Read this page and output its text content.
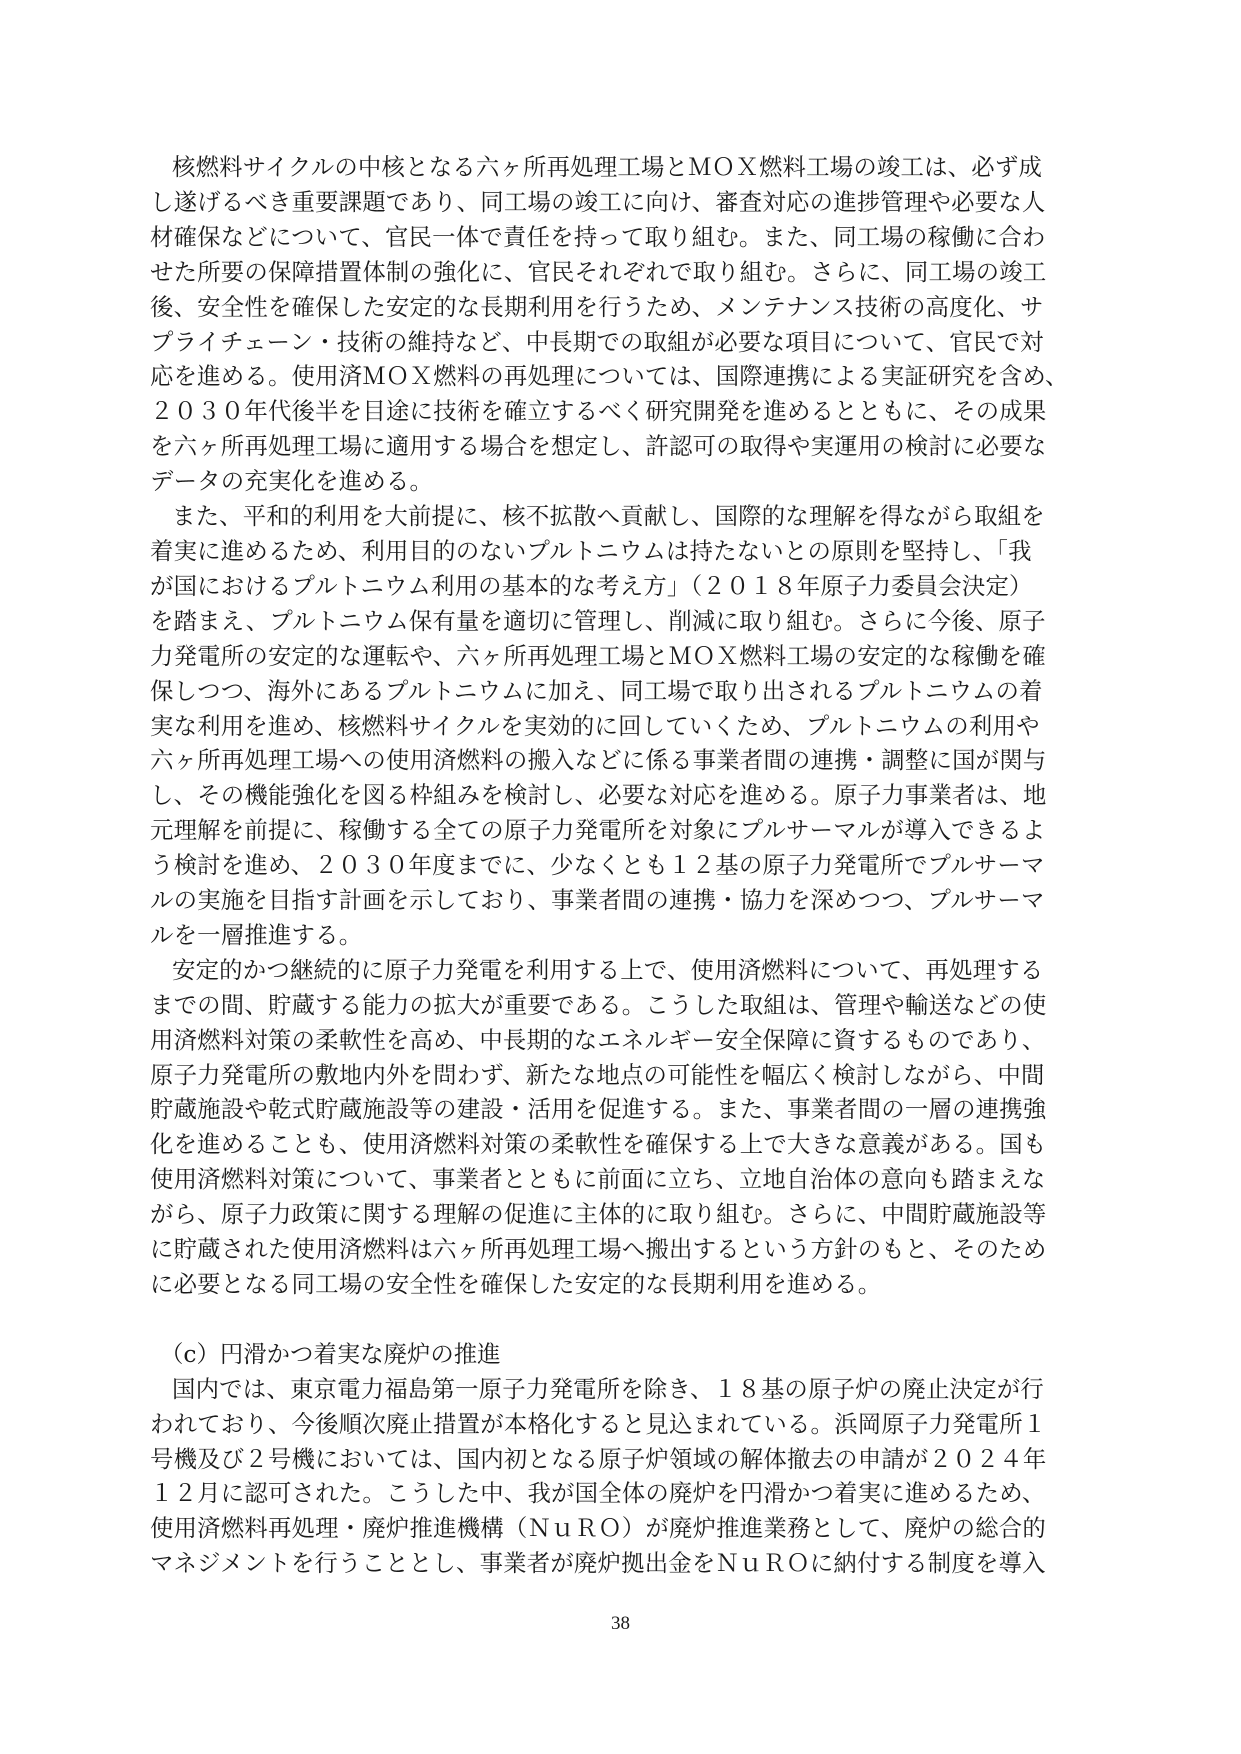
核燃料サイクルの中核となる六ヶ所再処理工場とＭＯＸ燃料工場の竣工は、必ず成
し遂げるべき重要課題であり、同工場の竣工に向け、審査対応の進捗管理や必要な人
材確保などについて、官民一体で責任を持って取り組む。また、同工場の稼働に合わ
せた所要の保障措置体制の強化に、官民それぞれで取り組む。さらに、同工場の竣工
後、安全性を確保した安定的な長期利用を行うため、メンテナンス技術の高度化、サ
プライチェーン・技術の維持など、中長期での取組が必要な項目について、官民で対
応を進める。使用済ＭＯＸ燃料の再処理については、国際連携による実証研究を含め、
２０３０年代後半を目途に技術を確立するべく研究開発を進めるとともに、その成果
を六ヶ所再処理工場に適用する場合を想定し、許認可の取得や実運用の検討に必要な
データの充実化を進める。

また、平和的利用を大前提に、核不拡散へ貢献し、国際的な理解を得ながら取組を
着実に進めるため、利用目的のないプルトニウムは持たないとの原則を堅持し、「我
が国におけるプルトニウム利用の基本的な考え方」（２０１８年原子力委員会決定）
を踏まえ、プルトニウム保有量を適切に管理し、削減に取り組む。さらに今後、原子
力発電所の安定的な運転や、六ヶ所再処理工場とＭＯＸ燃料工場の安定的な稼働を確
保しつつ、海外にあるプルトニウムに加え、同工場で取り出されるプルトニウムの着
実な利用を進め、核燃料サイクルを実効的に回していくため、プルトニウムの利用や
六ヶ所再処理工場への使用済燃料の搬入などに係る事業者間の連携・調整に国が関与
し、その機能強化を図る枠組みを検討し、必要な対応を進める。原子力事業者は、地
元理解を前提に、稼働する全ての原子力発電所を対象にプルサーマルが導入できるよ
う検討を進め、２０３０年度までに、少なくとも１２基の原子力発電所でプルサーマ
ルの実施を目指す計画を示しており、事業者間の連携・協力を深めつつ、プルサーマ
ルを一層推進する。

安定的かつ継続的に原子力発電を利用する上で、使用済燃料について、再処理する
までの間、貯蔵する能力の拡大が重要である。こうした取組は、管理や輸送などの使
用済燃料対策の柔軟性を高め、中長期的なエネルギー安全保障に資するものであり、
原子力発電所の敷地内外を問わず、新たな地点の可能性を幅広く検討しながら、中間
貯蔵施設や乾式貯蔵施設等の建設・活用を促進する。また、事業者間の一層の連携強
化を進めることも、使用済燃料対策の柔軟性を確保する上で大きな意義がある。国も
使用済燃料対策について、事業者とともに前面に立ち、立地自治体の意向も踏まえな
がら、原子力政策に関する理解の促進に主体的に取り組む。さらに、中間貯蔵施設等
に貯蔵された使用済燃料は六ヶ所再処理工場へ搬出するという方針のもと、そのため
に必要となる同工場の安全性を確保した安定的な長期利用を進める。

（c）円滑かつ着実な廃炉の推進

国内では、東京電力福島第一原子力発電所を除き、１８基の原子炉の廃止決定が行
われており、今後順次廃止措置が本格化すると見込まれている。浜岡原子力発電所１
号機及び２号機においては、国内初となる原子炉領域の解体撤去の申請が２０２４年
１２月に認可された。こうした中、我が国全体の廃炉を円滑かつ着実に進めるため、
使用済燃料再処理・廃炉推進機構（ＮｕＲＯ）が廃炉推進業務として、廃炉の総合的
マネジメントを行うこととし、事業者が廃炉拠出金をＮｕＲＯに納付する制度を導入

38
